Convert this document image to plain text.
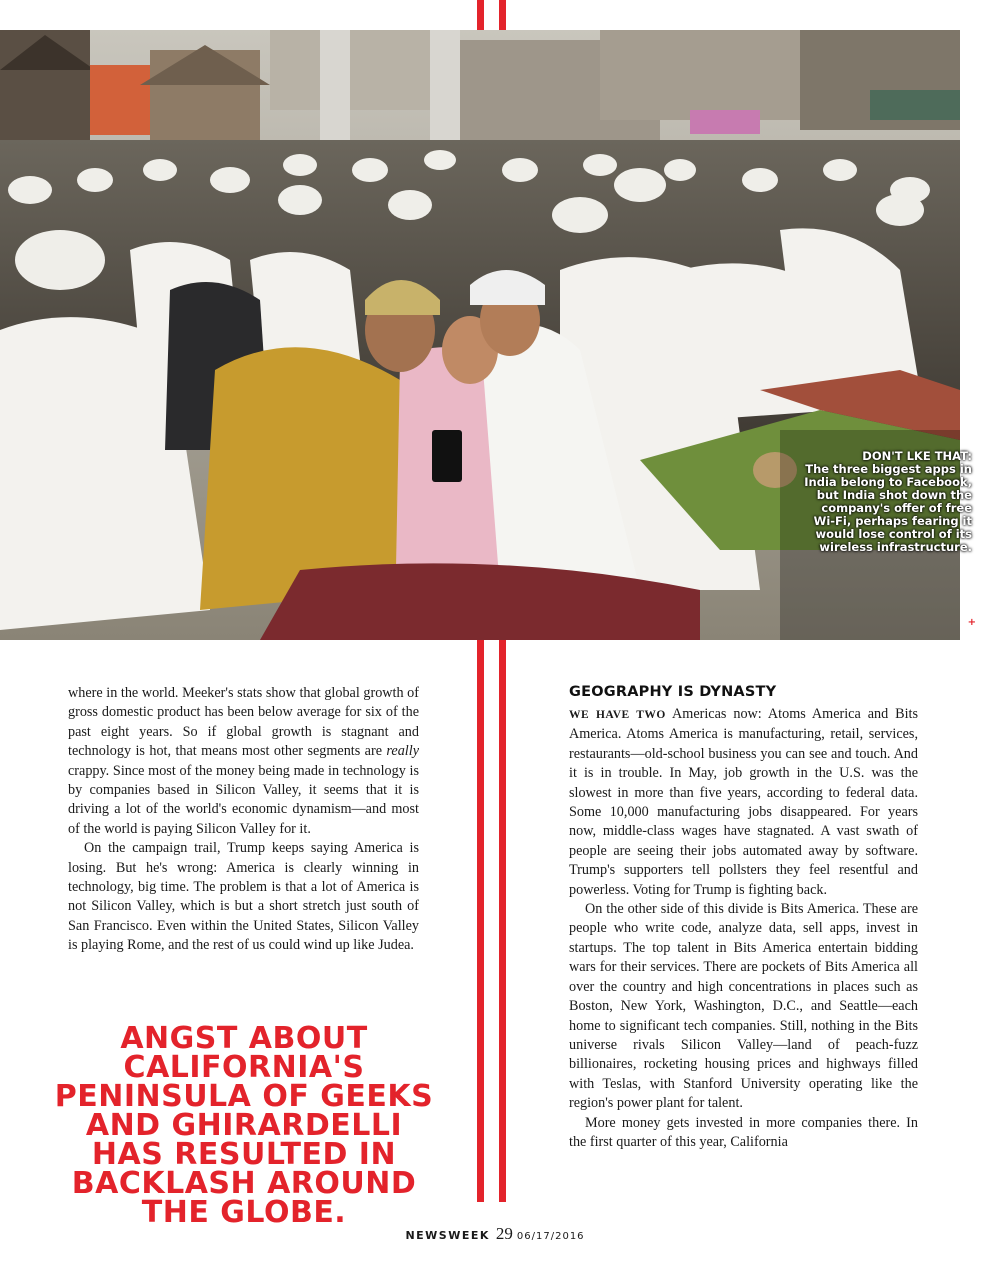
DON'T LKE THAT:
The three biggest apps in India belong to Facebook, but India shot down the company's offer of free Wi-Fi, perhaps fearing it would lose control of its wireless infrastructure.
+

where in the world. Meeker's stats show that global growth of gross domestic product has been below average for six of the past eight years. So if global growth is stagnant and technology is hot, that means most other segments are really crappy. Since most of the money being made in technology is by companies based in Silicon Valley, it seems that it is driving a lot of the world's economic dynamism—and most of the world is paying Silicon Valley for it.

On the campaign trail, Trump keeps saying America is losing. But he's wrong: America is clearly winning in technology, big time. The problem is that a lot of America is not Silicon Valley, which is but a short stretch just south of San Francisco. Even within the United States, Silicon Valley is playing Rome, and the rest of us could wind up like Judea.

ANGST ABOUT CALIFORNIA'S PENINSULA OF GEEKS AND GHIRARDELLI HAS RESULTED IN BACKLASH AROUND THE GLOBE.
GEOGRAPHY IS DYNASTY

WE HAVE TWO Americas now: Atoms America and Bits America. Atoms America is manufacturing, retail, services, restaurants—old-school business you can see and touch. And it is in trouble. In May, job growth in the U.S. was the slowest in more than five years, according to federal data. Some 10,000 manufacturing jobs disappeared. For years now, middle-class wages have stagnated. A vast swath of people are seeing their jobs automated away by software. Trump's supporters tell pollsters they feel resentful and powerless. Voting for Trump is fighting back.

On the other side of this divide is Bits America. These are people who write code, analyze data, sell apps, invest in startups. The top talent in Bits America entertain bidding wars for their services. There are pockets of Bits America all over the country and high concentrations in places such as Boston, New York, Washington, D.C., and Seattle—each home to significant tech companies. Still, nothing in the Bits universe rivals Silicon Valley—land of peach-fuzz billionaires, rocketing housing prices and highways filled with Teslas, with Stanford University operating like the region's power plant for talent.

More money gets invested in more companies there. In the first quarter of this year, California

NEWSWEEK 29 06/17/2016
